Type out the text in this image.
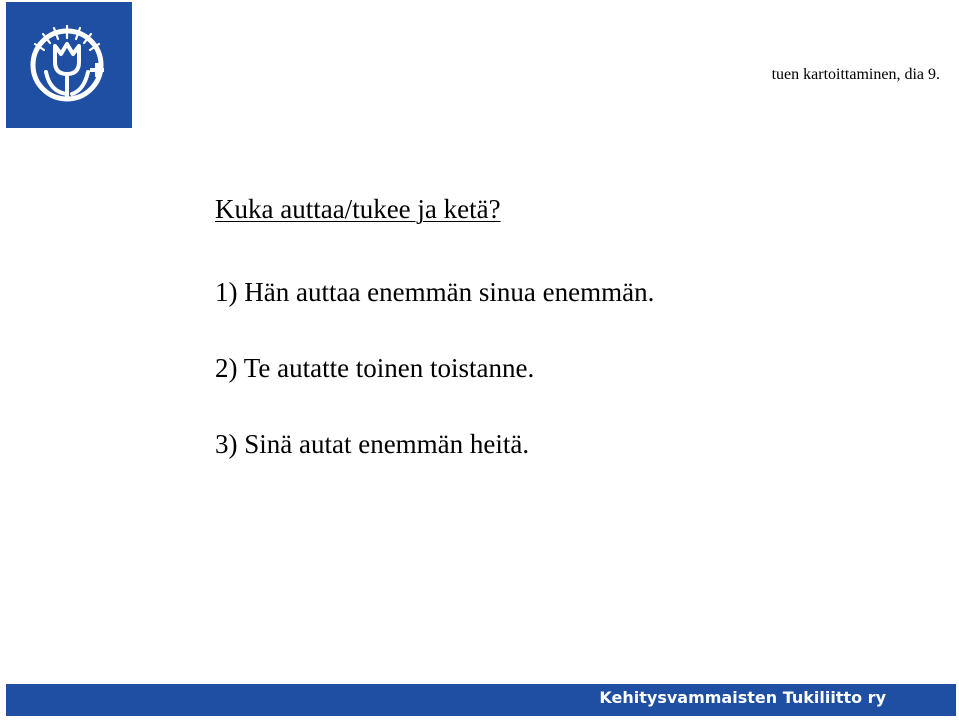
tuen kartoittaminen, dia 9.
Kuka auttaa/tukee ja ketä?
1) Hän auttaa enemmän sinua enemmän.
2) Te autatte toinen toistanne.
3) Sinä autat enemmän heitä.
Kehitysvammaisten Tukiliitto ry
